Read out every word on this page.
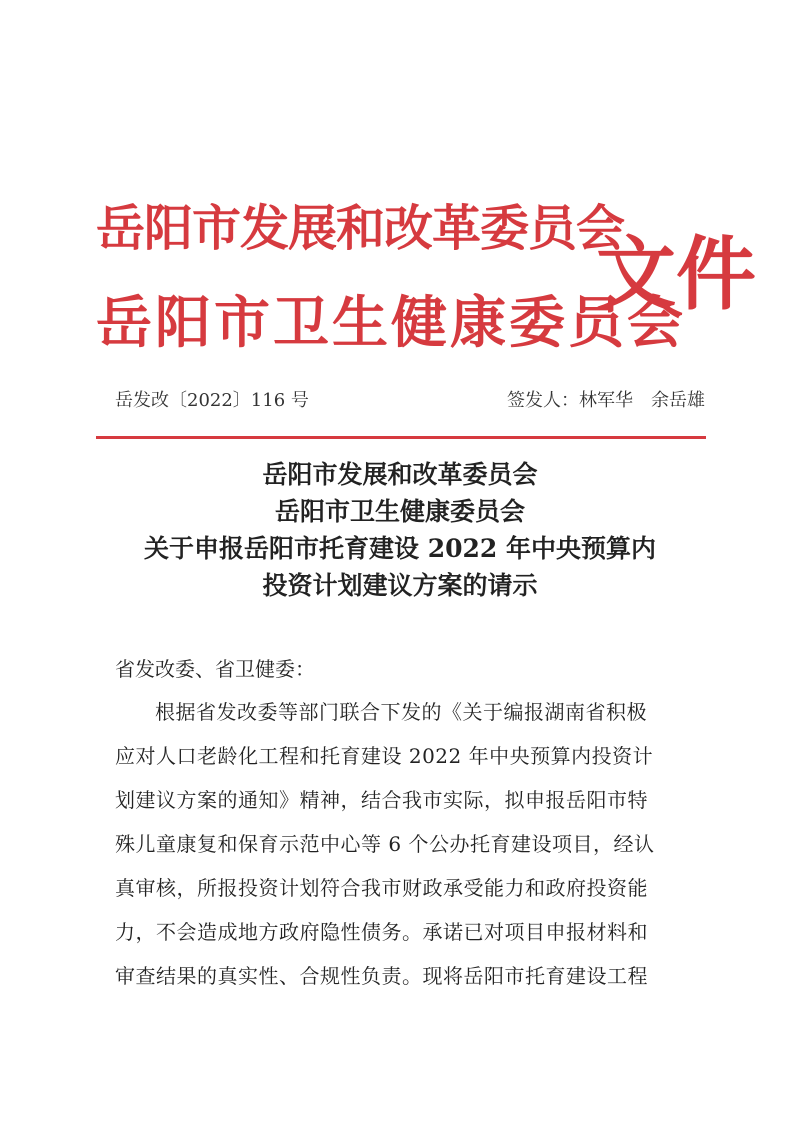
岳阳市发展和改革委员会
岳阳市卫生健康委员会
文件
岳发改〔2022〕116 号	签发人：林军华　余岳雄
岳阳市发展和改革委员会
岳阳市卫生健康委员会
关于申报岳阳市托育建设 2022 年中央预算内
投资计划建议方案的请示
省发改委、省卫健委：
根据省发改委等部门联合下发的《关于编报湖南省积极
应对人口老龄化工程和托育建设 2022 年中央预算内投资计
划建议方案的通知》精神，结合我市实际，拟申报岳阳市特
殊儿童康复和保育示范中心等 6 个公办托育建设项目，经认
真审核，所报投资计划符合我市财政承受能力和政府投资能
力，不会造成地方政府隐性债务。承诺已对项目申报材料和
审查结果的真实性、合规性负责。现将岳阳市托育建设工程
